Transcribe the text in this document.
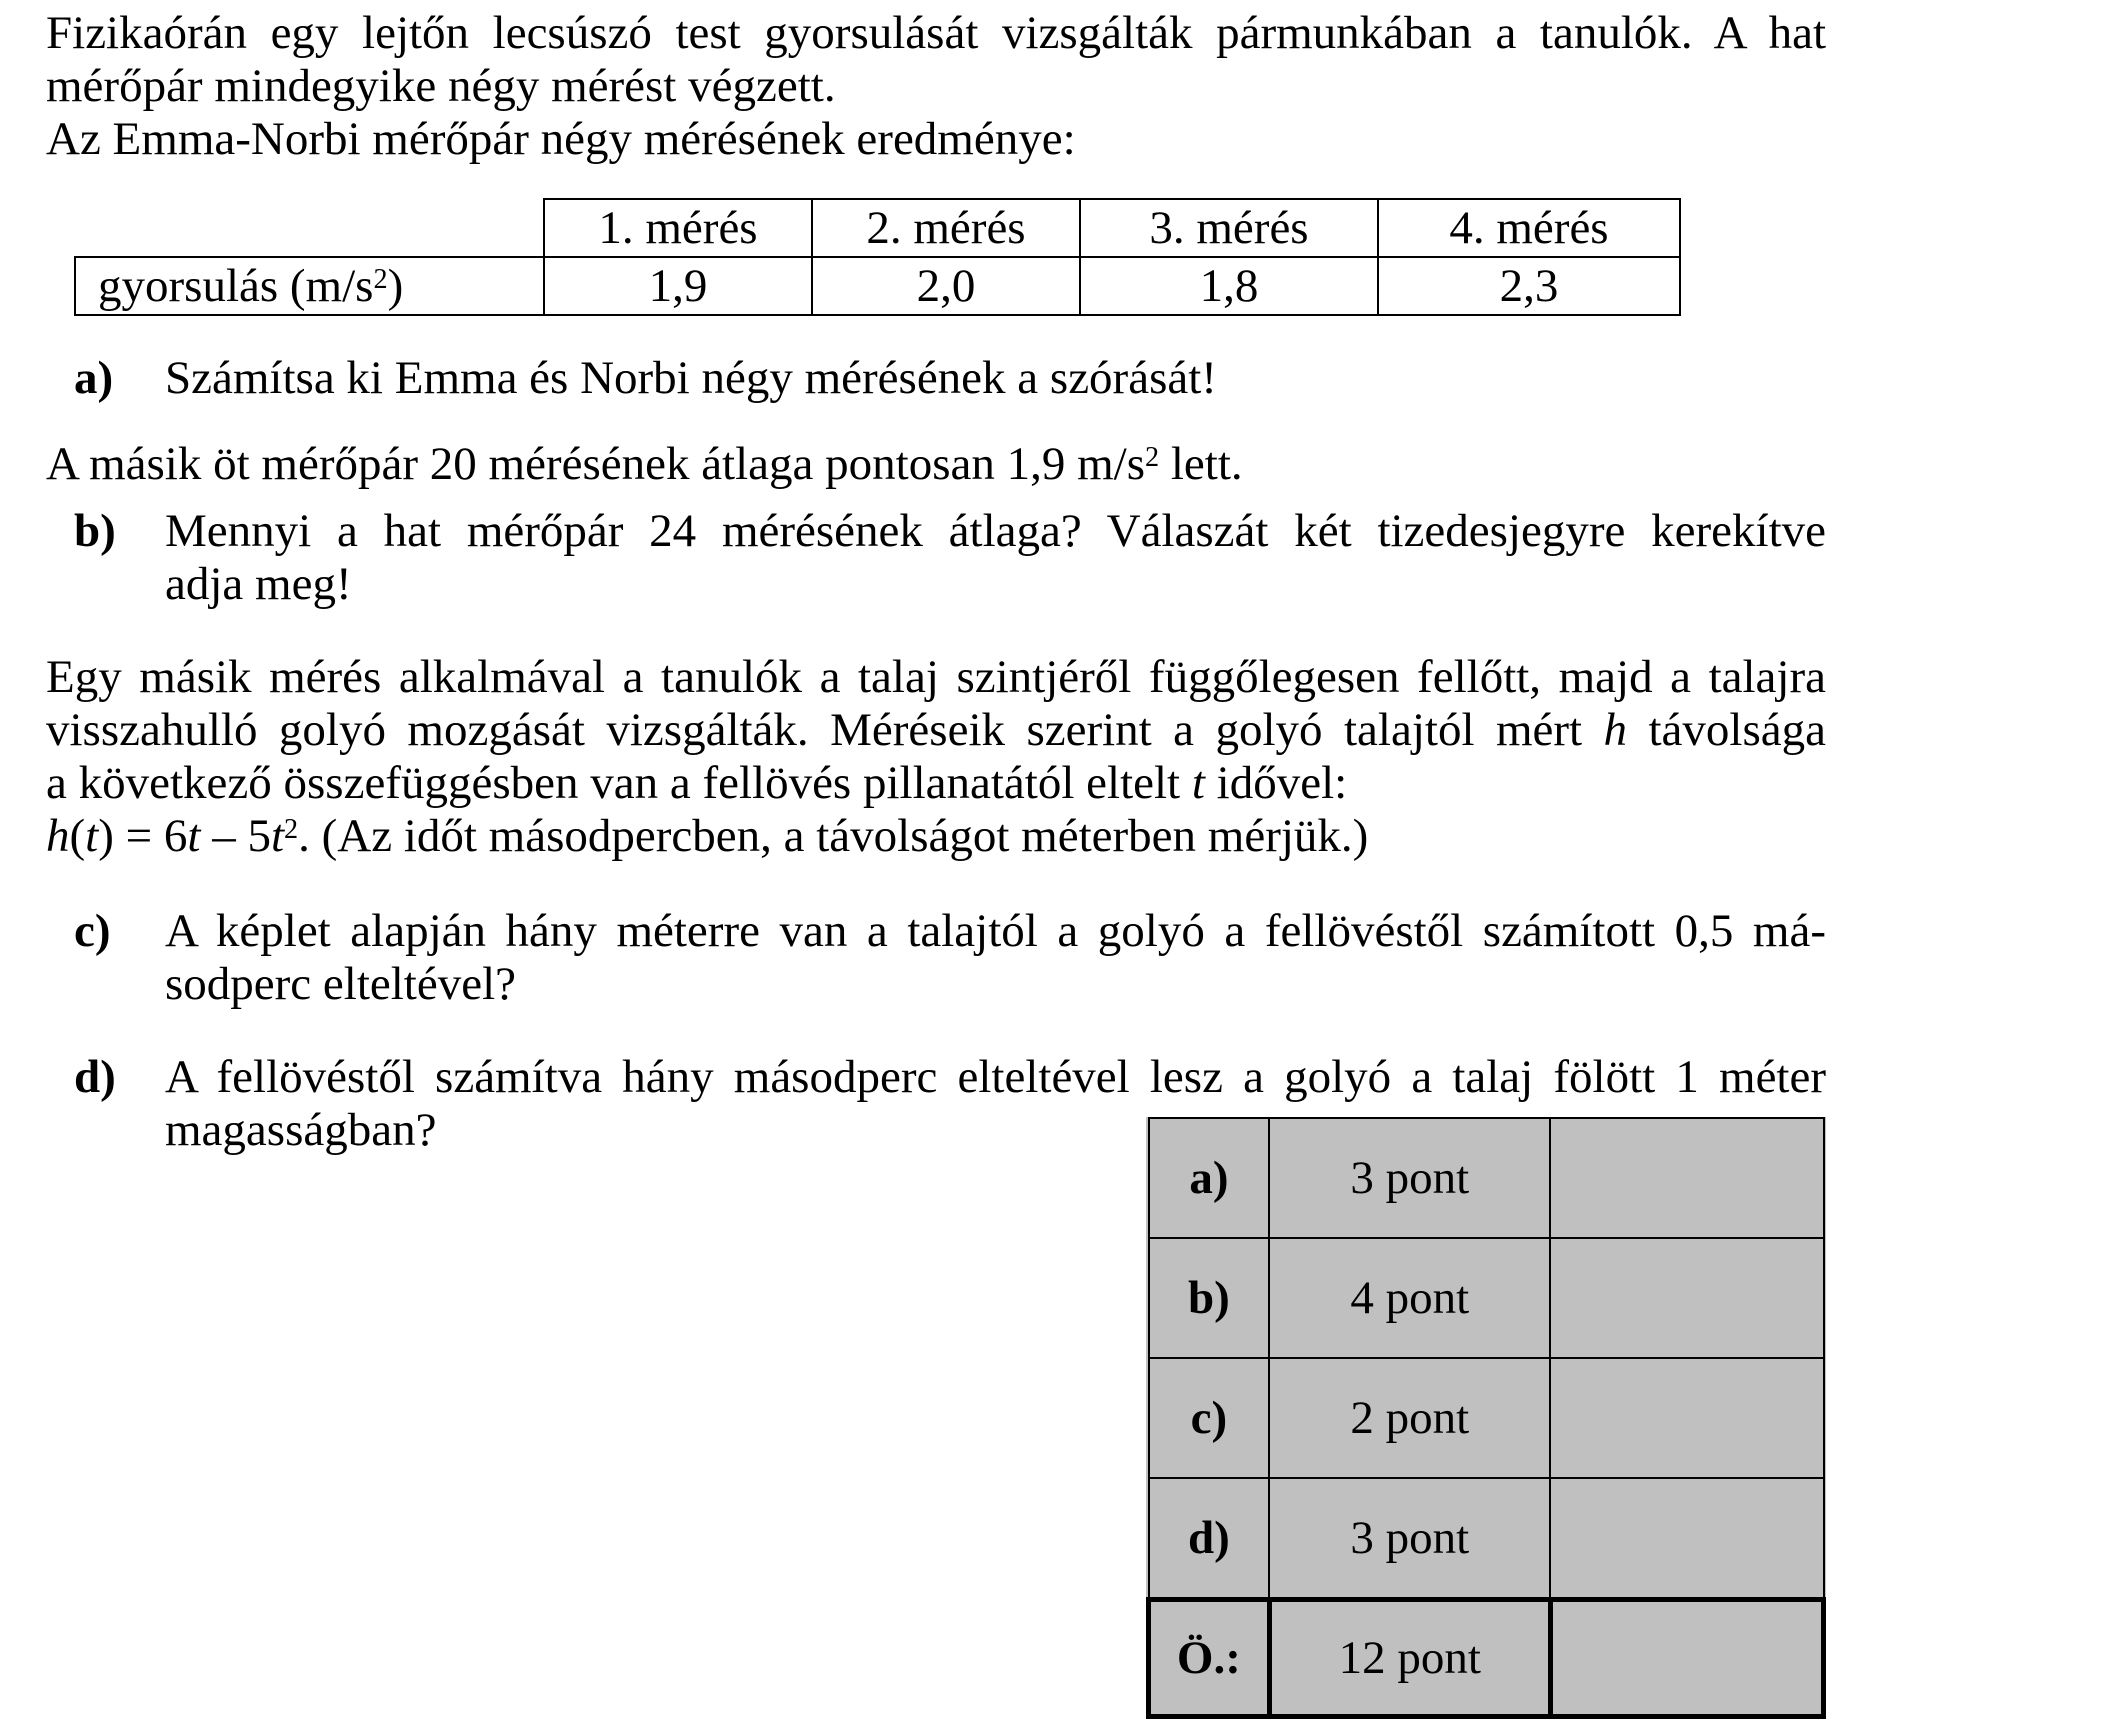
Fizikaórán egy lejtőn lecsúszó test gyorsulását vizsgálták pármunkában a tanulók. A hat
mérőpár mindegyike négy mérést végzett.
Az Emma-Norbi mérőpár négy mérésének eredménye:
	1. mérés	2. mérés	3. mérés	4. mérés
gyorsulás $(m/s^2)$	1,9	2,0	1,8	2,3
a) Számítsa ki Emma és Norbi négy mérésének a szórását!
A másik öt mérőpár 20 mérésének átlaga pontosan 1,9 $m/s^2$ lett.
b) Mennyi a hat mérőpár 24 mérésének átlaga? Válaszát két tizedesjegyre kerekítve
adja meg!
Egy másik mérés alkalmával a tanulók a talaj szintjéről függőlegesen fellőtt, majd a talajra
visszahulló golyó mozgását vizsgálták. Méréseik szerint a golyó talajtól mért h távolsága
a következő összefüggésben van a fellövés pillanatától eltelt t idővel:
$h(t) = 6t - 5t^2$. (Az időt másodpercben, a távolságot méterben mérjük.)
c) A képlet alapján hány méterre van a talajtól a golyó a fellövéstől számított 0,5 má-
sodperc elteltével?
d) A fellövéstől számítva hány másodperc elteltével lesz a golyó a talaj fölött 1 méter
magasságban?
a)	3 pont	
b)	4 pont	
c)	2 pont	
d)	3 pont	
Ö.:	12 pont	
